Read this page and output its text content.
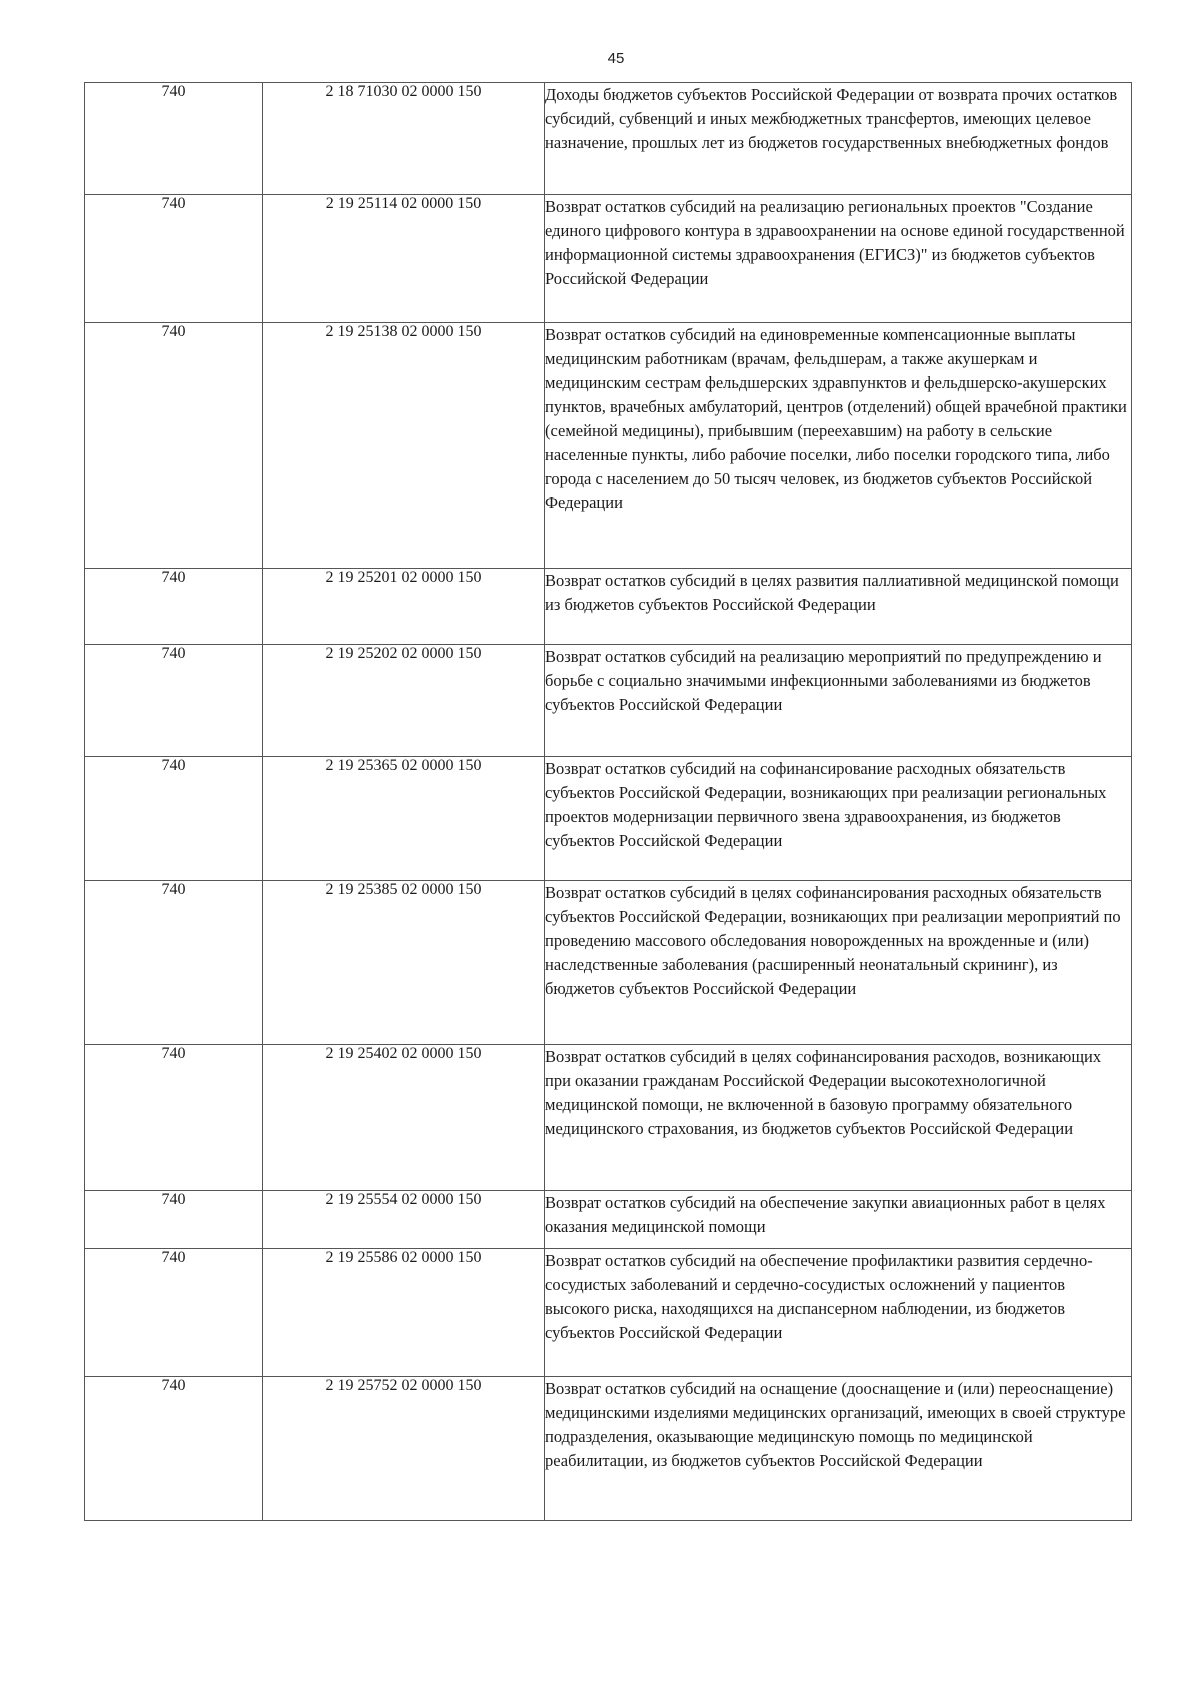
45
740	2 18 71030 02 0000 150	Доходы бюджетов субъектов Российской Федерации от возврата прочих остатков субсидий, субвенций и иных межбюджетных трансфертов, имеющих целевое назначение, прошлых лет из бюджетов государственных внебюджетных фондов
740	2 19 25114 02 0000 150	Возврат остатков субсидий на реализацию региональных проектов "Создание единого цифрового контура в здравоохранении на основе единой государственной информационной системы здравоохранения (ЕГИСЗ)" из бюджетов субъектов Российской Федерации
740	2 19 25138 02 0000 150	Возврат остатков субсидий на единовременные компенсационные выплаты медицинским работникам (врачам, фельдшерам, а также акушеркам и медицинским сестрам фельдшерских здравпунктов и фельдшерско-акушерских пунктов, врачебных амбулаторий, центров (отделений) общей врачебной практики (семейной медицины), прибывшим (переехавшим) на работу в сельские населенные пункты, либо рабочие поселки, либо поселки городского типа, либо города с населением до 50 тысяч человек, из бюджетов субъектов Российской Федерации
740	2 19 25201 02 0000 150	Возврат остатков субсидий в целях развития паллиативной медицинской помощи из бюджетов субъектов Российской Федерации
740	2 19 25202 02 0000 150	Возврат остатков субсидий на реализацию мероприятий по предупреждению и борьбе с социально значимыми инфекционными заболеваниями из бюджетов субъектов Российской Федерации
740	2 19 25365 02 0000 150	Возврат остатков субсидий на софинансирование расходных обязательств субъектов Российской Федерации, возникающих при реализации региональных проектов модернизации первичного звена здравоохранения, из бюджетов субъектов Российской Федерации
740	2 19 25385 02 0000 150	Возврат остатков субсидий в целях софинансирования расходных обязательств субъектов Российской Федерации, возникающих при реализации мероприятий по проведению массового обследования новорожденных на врожденные и (или) наследственные заболевания (расширенный неонатальный скрининг), из бюджетов субъектов Российской Федерации
740	2 19 25402 02 0000 150	Возврат остатков субсидий в целях софинансирования расходов, возникающих при оказании гражданам Российской Федерации высокотехнологичной медицинской помощи, не включенной в базовую программу обязательного медицинского страхования, из бюджетов субъектов Российской Федерации
740	2 19 25554 02 0000 150	Возврат остатков субсидий на обеспечение закупки авиационных работ в целях оказания медицинской помощи
740	2 19 25586 02 0000 150	Возврат остатков субсидий на обеспечение профилактики развития сердечно-сосудистых заболеваний и сердечно-сосудистых осложнений у пациентов высокого риска, находящихся на диспансерном наблюдении, из бюджетов субъектов Российской Федерации
740	2 19 25752 02 0000 150	Возврат остатков субсидий на оснащение (дооснащение и (или) переоснащение) медицинскими изделиями медицинских организаций, имеющих в своей структуре подразделения, оказывающие медицинскую помощь по медицинской реабилитации, из бюджетов субъектов Российской Федерации
